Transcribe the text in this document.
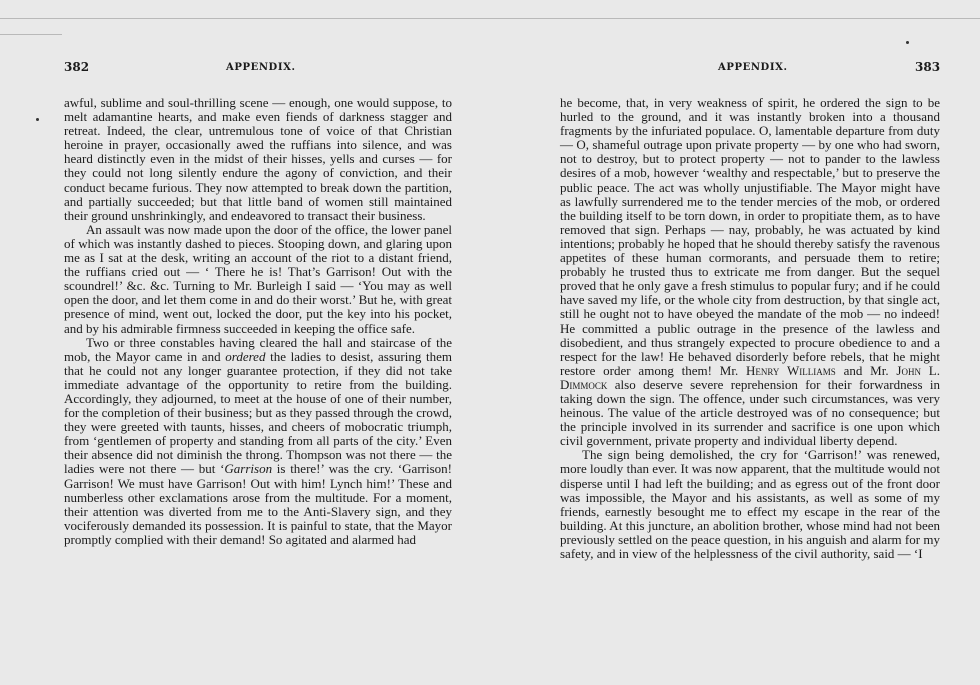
382	APPENDIX.

awful, sublime and soul-thrilling scene — enough, one would suppose, to melt adamantine hearts, and make even fiends of darkness stagger and retreat. Indeed, the clear, untremulous tone of voice of that Christian heroine in prayer, occasionally awed the ruffians into silence, and was heard distinctly even in the midst of their hisses, yells and curses — for they could not long silently endure the agony of conviction, and their conduct became furious. They now attempted to break down the partition, and partially succeeded; but that little band of women still maintained their ground unshrinkingly, and endeavored to transact their business.

An assault was now made upon the door of the office, the lower panel of which was instantly dashed to pieces. Stooping down, and glaring upon me as I sat at the desk, writing an account of the riot to a distant friend, the ruffians cried out — ‘ There he is! That’s Garrison! Out with the scoundrel!’ &c. &c. Turning to Mr. Burleigh I said — ‘You may as well open the door, and let them come in and do their worst.’ But he, with great presence of mind, went out, locked the door, put the key into his pocket, and by his admirable firmness succeeded in keeping the office safe.

Two or three constables having cleared the hall and staircase of the mob, the Mayor came in and ordered the ladies to desist, assuring them that he could not any longer guarantee protection, if they did not take immediate advantage of the opportunity to retire from the building. Accordingly, they adjourned, to meet at the house of one of their number, for the completion of their business; but as they passed through the crowd, they were greeted with taunts, hisses, and cheers of mobocratic triumph, from ‘gentlemen of property and standing from all parts of the city.’ Even their absence did not diminish the throng. Thompson was not there — the ladies were not there — but ‘Garrison is there!’ was the cry. ‘Garrison! Garrison! We must have Garrison! Out with him! Lynch him!’ These and numberless other exclamations arose from the multitude. For a moment, their attention was diverted from me to the Anti-Slavery sign, and they vociferously demanded its possession. It is painful to state, that the Mayor promptly complied with their demand! So agitated and alarmed had

APPENDIX.	383

he become, that, in very weakness of spirit, he ordered the sign to be hurled to the ground, and it was instantly broken into a thousand fragments by the infuriated populace. O, lamentable departure from duty — O, shameful outrage upon private property — by one who had sworn, not to destroy, but to protect property — not to pander to the lawless desires of a mob, however ‘wealthy and respectable,’ but to preserve the public peace. The act was wholly unjustifiable. The Mayor might have as lawfully surrendered me to the tender mercies of the mob, or ordered the building itself to be torn down, in order to propitiate them, as to have removed that sign. Perhaps — nay, probably, he was actuated by kind intentions; probably he hoped that he should thereby satisfy the ravenous appetites of these human cormorants, and persuade them to retire; probably he trusted thus to extricate me from danger. But the sequel proved that he only gave a fresh stimulus to popular fury; and if he could have saved my life, or the whole city from destruction, by that single act, still he ought not to have obeyed the mandate of the mob — no indeed! He committed a public outrage in the presence of the lawless and disobedient, and thus strangely expected to procure obedience to and a respect for the law! He behaved disorderly before rebels, that he might restore order among them! Mr. Henry Williams and Mr. John L. Dimmock also deserve severe reprehension for their forwardness in taking down the sign. The offence, under such circumstances, was very heinous. The value of the article destroyed was of no consequence; but the principle involved in its surrender and sacrifice is one upon which civil government, private property and individual liberty depend.

The sign being demolished, the cry for ‘Garrison!’ was renewed, more loudly than ever. It was now apparent, that the multitude would not disperse until I had left the building; and as egress out of the front door was impossible, the Mayor and his assistants, as well as some of my friends, earnestly besought me to effect my escape in the rear of the building. At this juncture, an abolition brother, whose mind had not been previously settled on the peace question, in his anguish and alarm for my safety, and in view of the helplessness of the civil authority, said — ‘I
